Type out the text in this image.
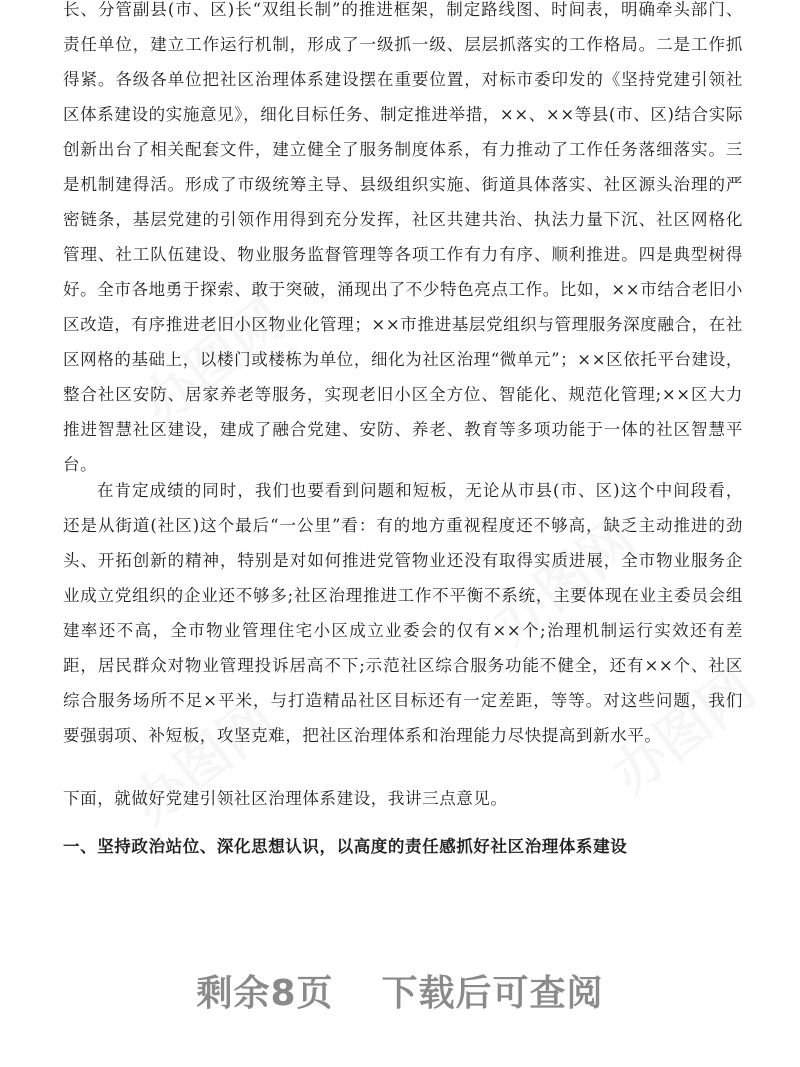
长、分管副县(市、区)长“双组长制”的推进框架，制定路线图、时间表，明确牵头部门、责任单位，建立工作运行机制，形成了一级抓一级、层层抓落实的工作格局。二是工作抓得紧。各级各单位把社区治理体系建设摆在重要位置，对标市委印发的《坚持党建引领社区体系建设的实施意见》，细化目标任务、制定推进举措，××、××等县(市、区)结合实际创新出台了相关配套文件，建立健全了服务制度体系，有力推动了工作任务落细落实。三是机制建得活。形成了市级统筹主导、县级组织实施、街道具体落实、社区源头治理的严密链条，基层党建的引领作用得到充分发挥，社区共建共治、执法力量下沉、社区网格化管理、社工队伍建设、物业服务监督管理等各项工作有力有序、顺利推进。四是典型树得好。全市各地勇于探索、敢于突破，涌现出了不少特色亮点工作。比如，××市结合老旧小区改造，有序推进老旧小区物业化管理；××市推进基层党组织与管理服务深度融合，在社区网格的基础上，以楼门或楼栋为单位，细化为社区治理“微单元”；××区依托平台建设，整合社区安防、居家养老等服务，实现老旧小区全方位、智能化、规范化管理;××区大力推进智慧社区建设，建成了融合党建、安防、养老、教育等多项功能于一体的社区智慧平台。

在肯定成绩的同时，我们也要看到问题和短板，无论从市县(市、区)这个中间段看，还是从街道(社区)这个最后“一公里”看：有的地方重视程度还不够高，缺乏主动推进的劲头、开拓创新的精神，特别是对如何推进党管物业还没有取得实质进展，全市物业服务企业成立党组织的企业还不够多;社区治理推进工作不平衡不系统，主要体现在业主委员会组建率还不高，全市物业管理住宅小区成立业委会的仅有××个;治理机制运行实效还有差距，居民群众对物业管理投诉居高不下;示范社区综合服务功能不健全，还有××个、社区综合服务场所不足×平米，与打造精品社区目标还有一定差距，等等。对这些问题，我们要强弱项、补短板，攻坚克难，把社区治理体系和治理能力尽快提高到新水平。

下面，就做好党建引领社区治理体系建设，我讲三点意见。

一、坚持政治站位、深化思想认识，以高度的责任感抓好社区治理体系建设

剩余8页 下载后可查阅
